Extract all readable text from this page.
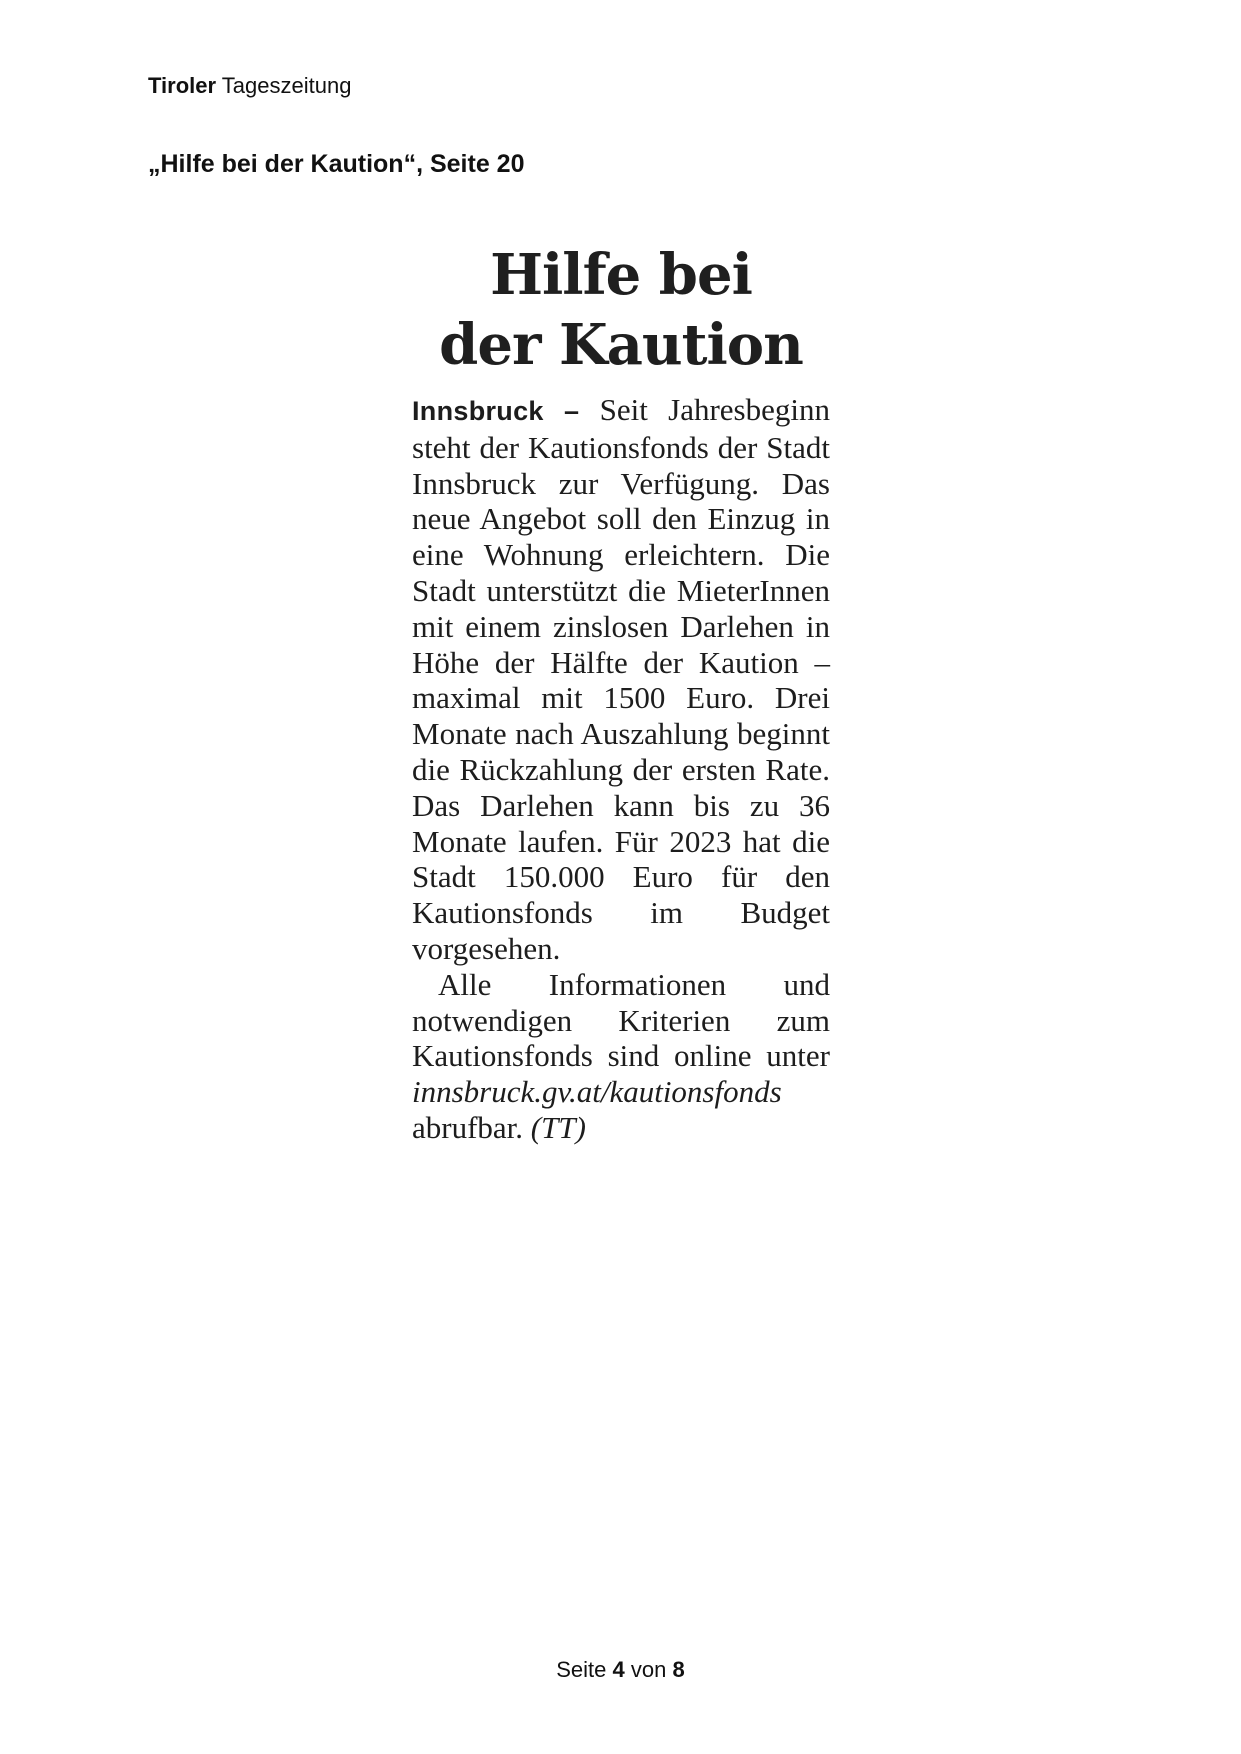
Tiroler Tageszeitung
„Hilfe bei der Kaution“, Seite 20
Hilfe bei
der Kaution

Innsbruck – Seit Jahresbeginn steht der Kautionsfonds der Stadt Innsbruck zur Verfügung. Das neue Angebot soll den Einzug in eine Wohnung erleichtern. Die Stadt unterstützt die MieterInnen mit einem zinslosen Darlehen in Höhe der Hälfte der Kaution – maximal mit 1500 Euro. Drei Monate nach Auszahlung beginnt die Rückzahlung der ersten Rate. Das Darlehen kann bis zu 36 Monate laufen. Für 2023 hat die Stadt 150.000 Euro für den Kautionsfonds im Budget vorgesehen.

Alle Informationen und notwendigen Kriterien zum Kautionsfonds sind online unter innsbruck.gv.at/kautionsfonds abrufbar. (TT)

Seite 4 von 8
